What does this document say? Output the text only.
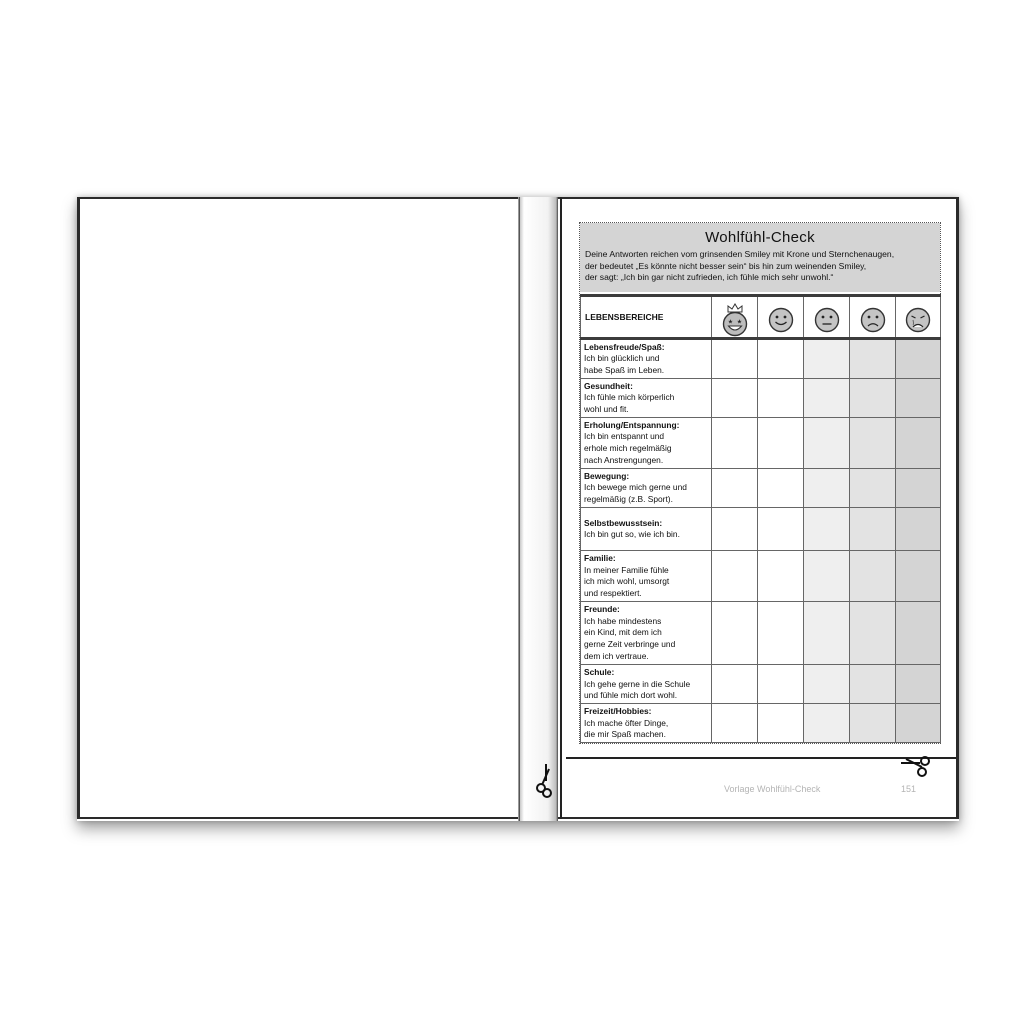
Wohlfühl-Check
Deine Antworten reichen vom grinsenden Smiley mit Krone und Sternchenaugen,
der bedeutet „Es könnte nicht besser sein“ bis hin zum weinenden Smiley,
der sagt: „Ich bin gar nicht zufrieden, ich fühle mich sehr unwohl.“
LEBENSBEREICHE	★ ★

Lebensfreude/Spaß:
Ich bin glücklich und
habe Spaß im Leben.					

Gesundheit:
Ich fühle mich körperlich
wohl und fit.					

Erholung/Entspannung:
Ich bin entspannt und
erhole mich regelmäßig
nach Anstrengungen.					

Bewegung:
Ich bewege mich gerne und
regelmäßig (z.B. Sport).					

Selbstbewusstsein:
Ich bin gut so, wie ich bin.					

Familie:
In meiner Familie fühle
ich mich wohl, umsorgt
und respektiert.					

Freunde:
Ich habe mindestens
ein Kind, mit dem ich
gerne Zeit verbringe und
dem ich vertraue.					

Schule:
Ich gehe gerne in die Schule
und fühle mich dort wohl.					

Freizeit/Hobbies:
Ich mache öfter Dinge,
die mir Spaß machen.					

Vorlage Wohlfühl-Check	151
